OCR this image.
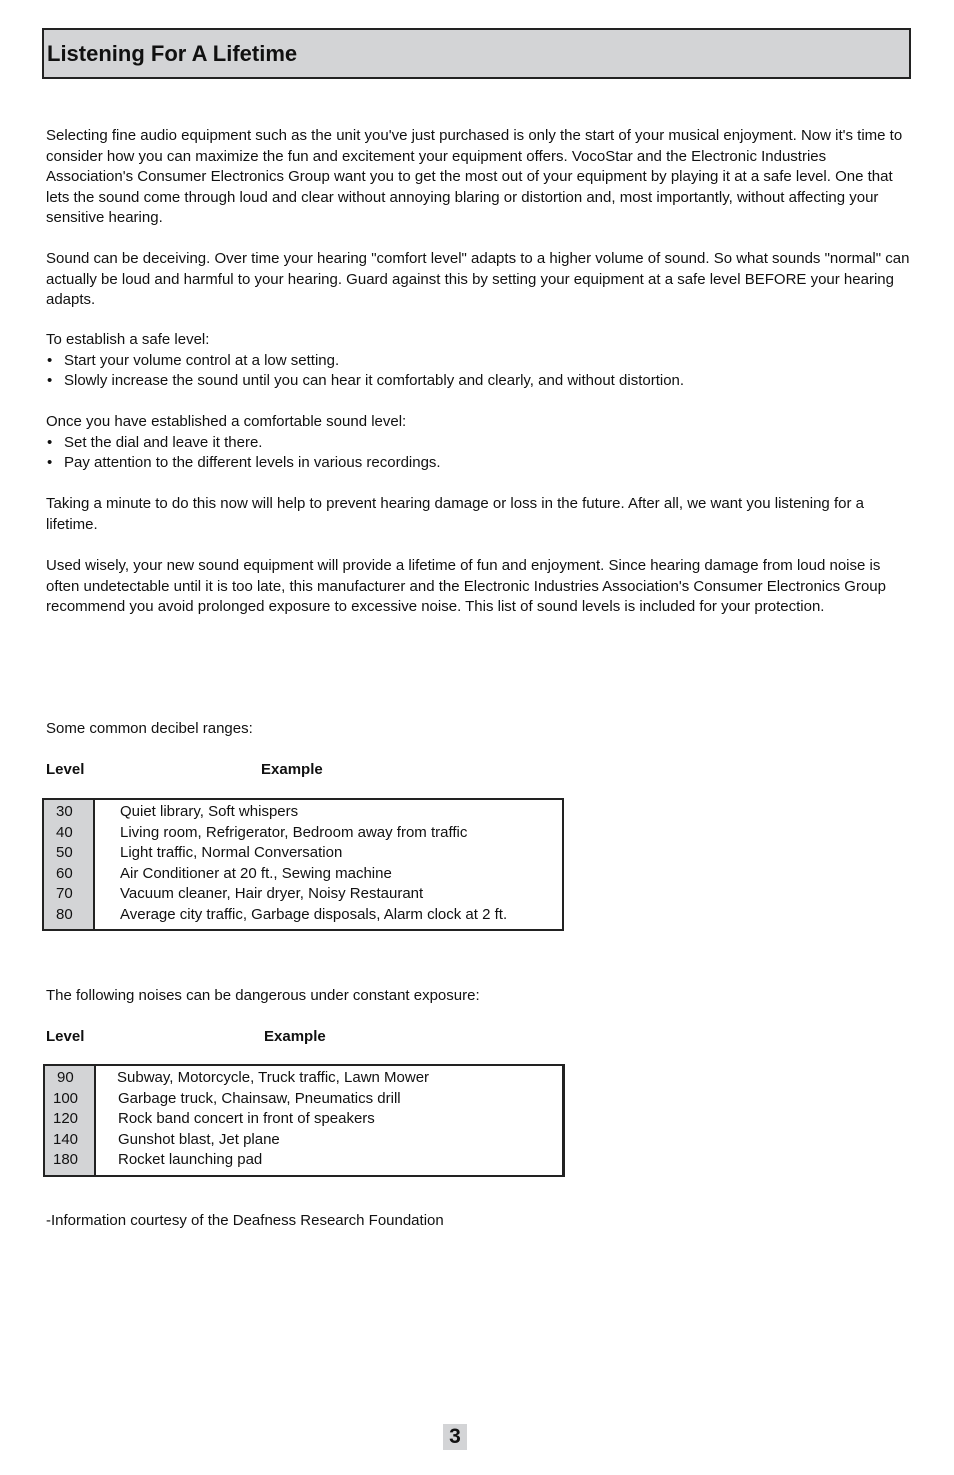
Listening For A Lifetime

Selecting fine audio equipment such as the unit you've just purchased is only the start of your musical enjoyment. Now it's time to consider how you can maximize the fun and excitement your equipment offers. VocoStar and the Electronic Industries Association's Consumer Electronics Group want you to get the most out of your equipment by playing it at a safe level. One that lets the sound come through loud and clear without annoying blaring or distortion and, most importantly, without affecting your sensitive hearing.

Sound can be deceiving. Over time your hearing "comfort level" adapts to a higher volume of sound. So what sounds "normal" can actually be loud and harmful to your hearing. Guard against this by setting your equipment at a safe level BEFORE your hearing adapts.

To establish a safe level:
• Start your volume control at a low setting.
• Slowly increase the sound until you can hear it comfortably and clearly, and without distortion.
Once you have established a comfortable sound level:
• Set the dial and leave it there.
• Pay attention to the different levels in various recordings.

Taking a minute to do this now will help to prevent hearing damage or loss in the future. After all, we want you listening for a lifetime.

Used wisely, your new sound equipment will provide a lifetime of fun and enjoyment. Since hearing damage from loud noise is often undetectable until it is too late, this manufacturer and the Electronic Industries Association's Consumer Electronics Group recommend you avoid prolonged exposure to excessive noise. This list of sound levels is included for your protection.

Some common decibel ranges:

Level	Example
30	Quiet library, Soft whispers
40	Living room, Refrigerator, Bedroom away from traffic
50	Light traffic, Normal Conversation
60	Air Conditioner at 20 ft., Sewing machine
70	Vacuum cleaner, Hair dryer, Noisy Restaurant
80	Average city traffic, Garbage disposals, Alarm clock at 2 ft.

The following noises can be dangerous under constant exposure:

Level	Example
90	Subway, Motorcycle, Truck traffic, Lawn Mower
100	Garbage truck, Chainsaw, Pneumatics drill
120	Rock band concert in front of speakers
140	Gunshot blast, Jet plane
180	Rocket launching pad

-Information courtesy of the Deafness Research Foundation

3
